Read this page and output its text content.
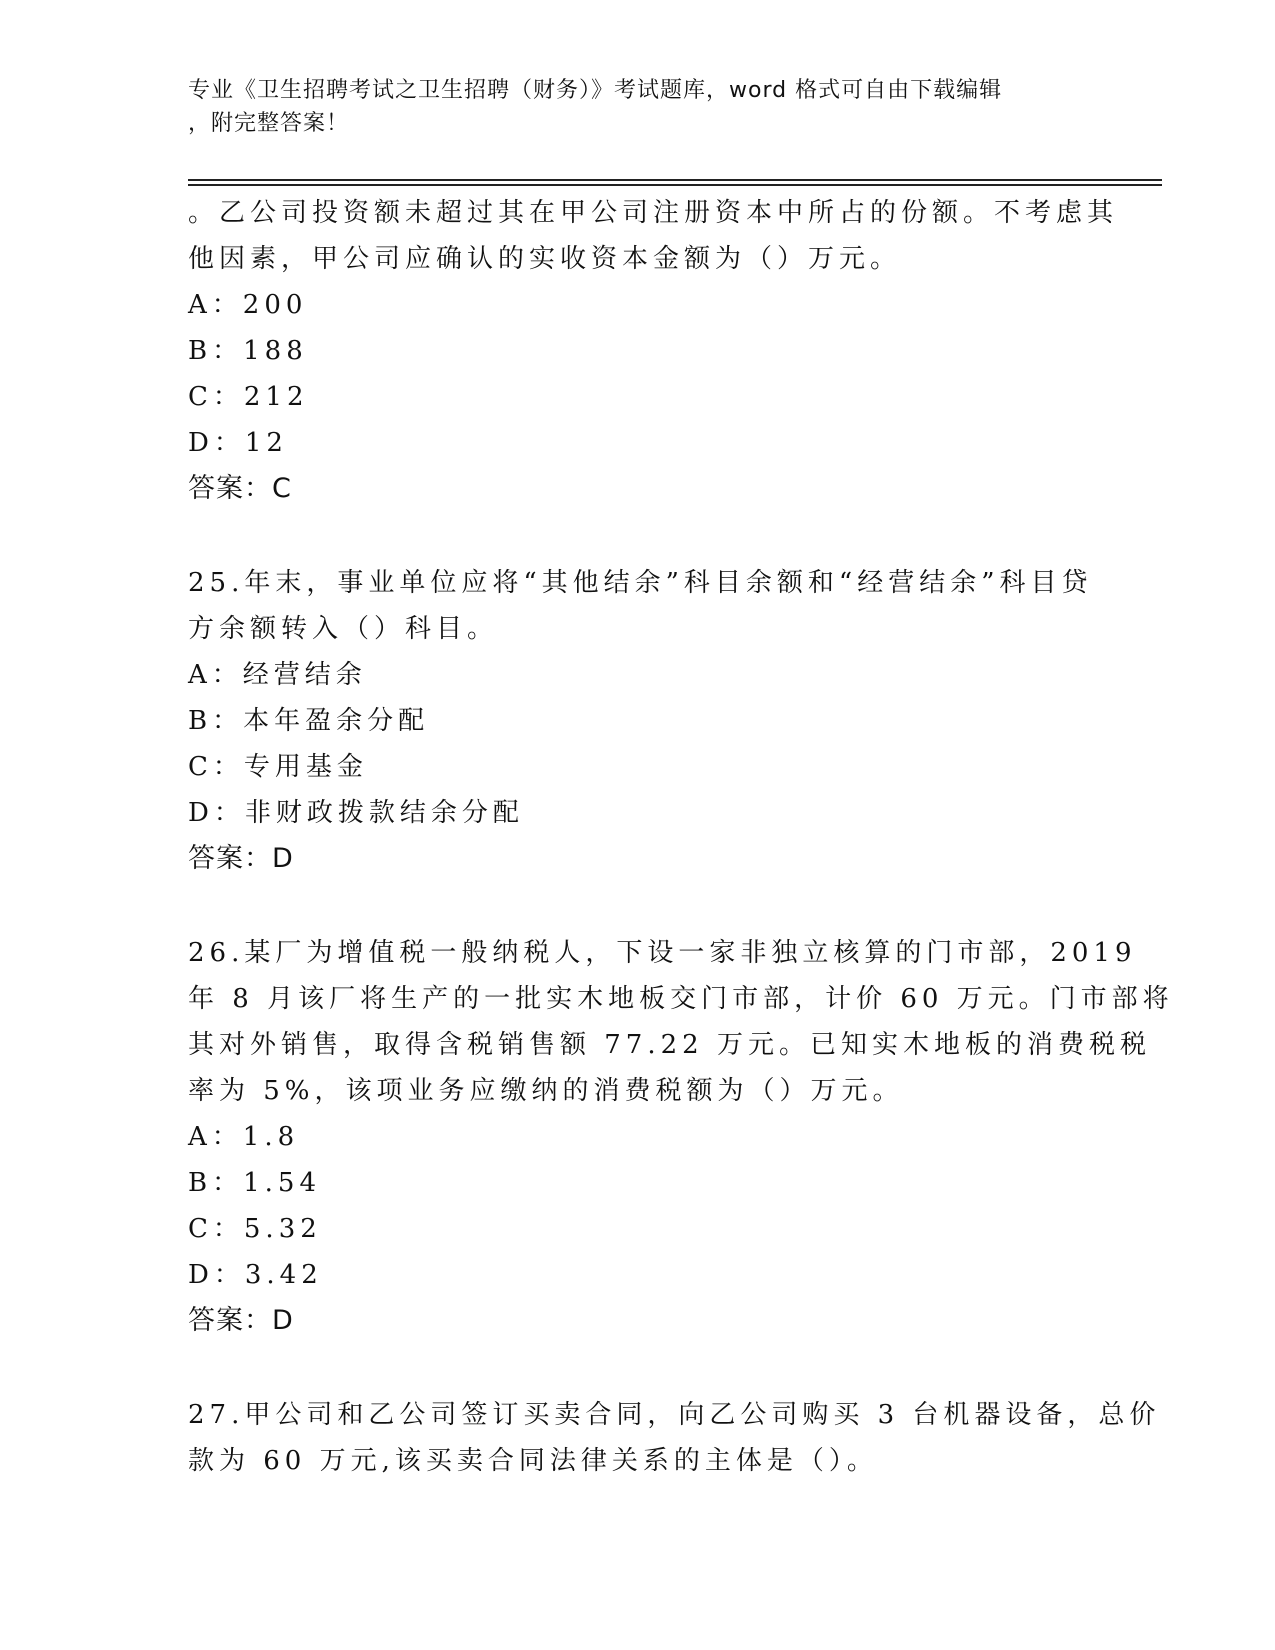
专业《卫生招聘考试之卫生招聘（财务）》考试题库，word 格式可自由下载编辑
，附完整答案！
。乙公司投资额未超过其在甲公司注册资本中所占的份额。不考虑其
他因素，甲公司应确认的实收资本金额为（）万元。
A：200
B：188
C：212
D：12
答案：C
25.年末，事业单位应将“其他结余”科目余额和“经营结余”科目贷
方余额转入（）科目。
A：经营结余
B：本年盈余分配
C：专用基金
D：非财政拨款结余分配
答案：D
26.某厂为增值税一般纳税人，下设一家非独立核算的门市部，2019
年 8 月该厂将生产的一批实木地板交门市部，计价 60 万元。门市部将
其对外销售，取得含税销售额 77.22 万元。已知实木地板的消费税税
率为 5%，该项业务应缴纳的消费税额为（）万元。
A：1.8
B：1.54
C：5.32
D：3.42
答案：D
27.甲公司和乙公司签订买卖合同，向乙公司购买 3 台机器设备，总价
款为 60 万元,该买卖合同法律关系的主体是（）。
